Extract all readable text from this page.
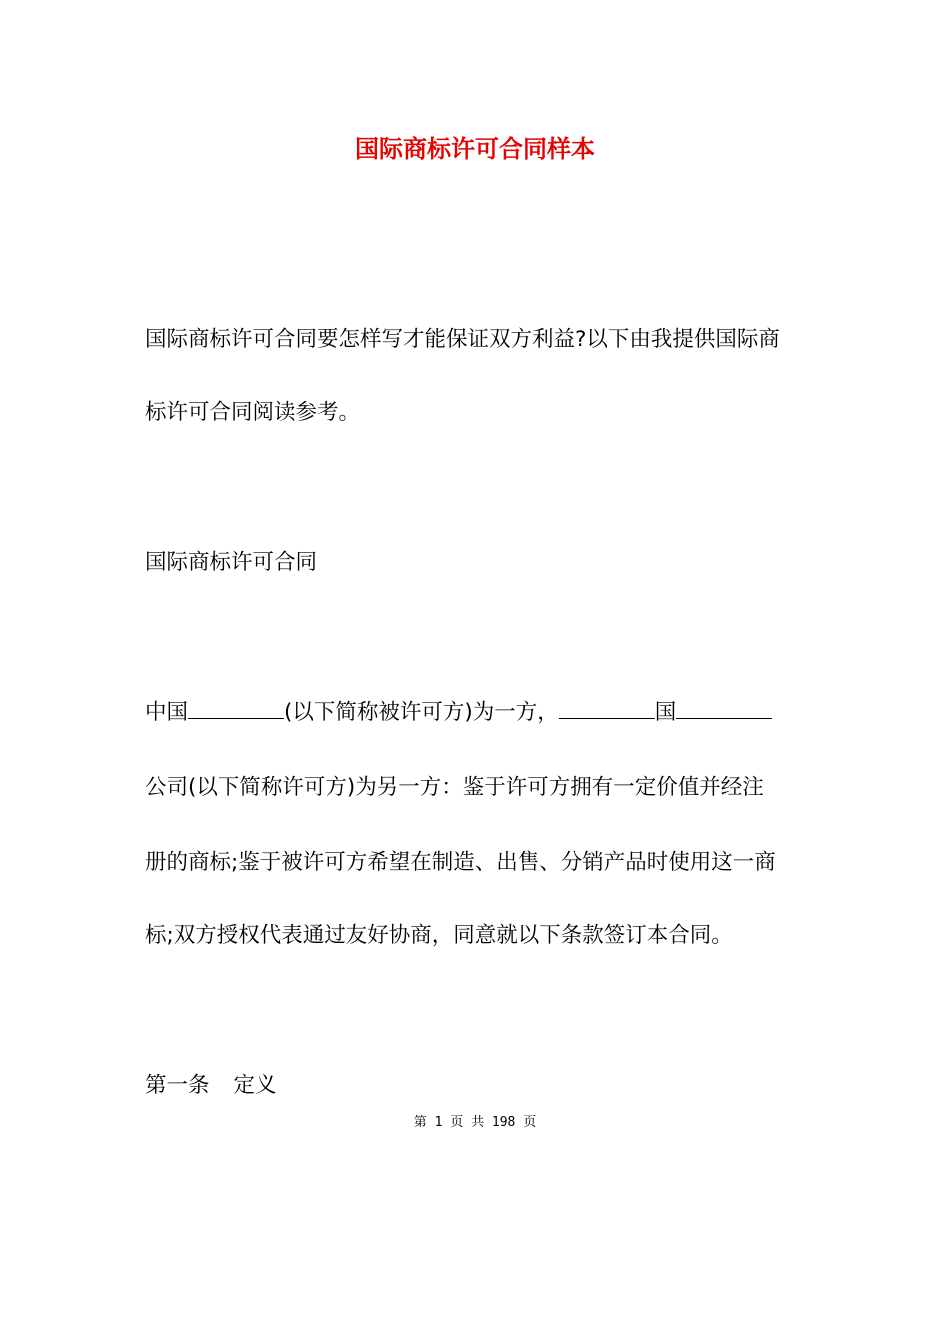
国际商标许可合同样本
国际商标许可合同要怎样写才能保证双方利益?以下由我提供国际商
标许可合同阅读参考。
国际商标许可合同
中国	(以下简称被许可方)为一方，	国
公司(以下简称许可方)为另一方：鉴于许可方拥有一定价值并经注
册的商标;鉴于被许可方希望在制造、出售、分销产品时使用这一商
标;双方授权代表通过友好协商，同意就以下条款签订本合同。
第一条 定义
第 1 页 共 198 页
